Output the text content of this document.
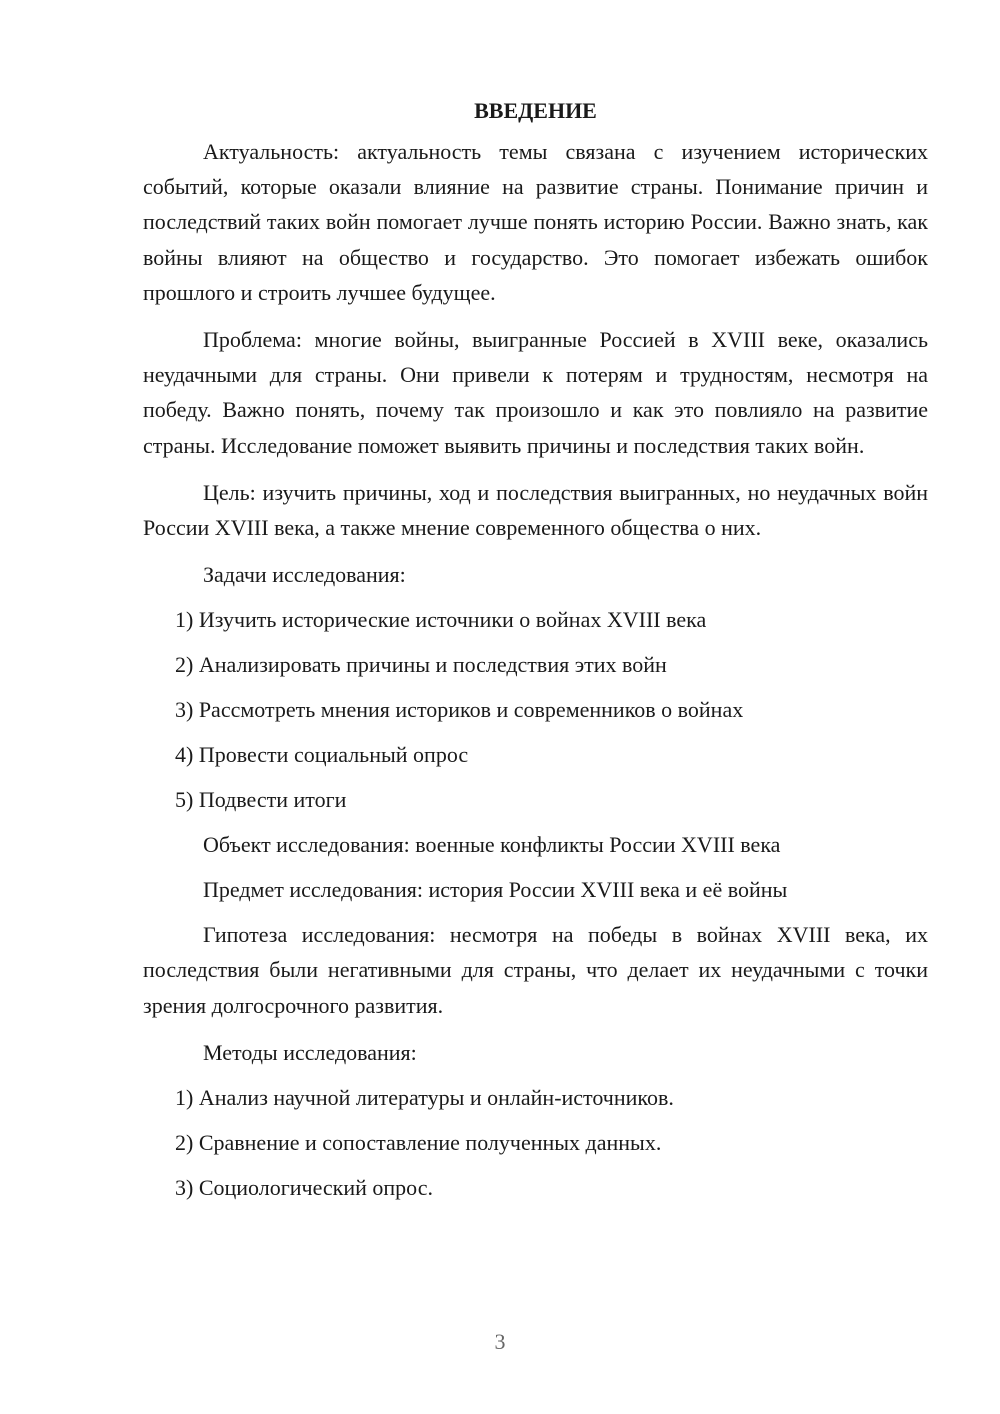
ВВЕДЕНИЕ

Актуальность: актуальность темы связана с изучением исторических событий, которые оказали влияние на развитие страны. Понимание причин и последствий таких войн помогает лучше понять историю России. Важно знать, как войны влияют на общество и государство. Это помогает избежать ошибок прошлого и строить лучшее будущее.

Проблема: многие войны, выигранные Россией в XVIII веке, оказались неудачными для страны. Они привели к потерям и трудностям, несмотря на победу. Важно понять, почему так произошло и как это повлияло на развитие страны. Исследование поможет выявить причины и последствия таких войн.

Цель: изучить причины, ход и последствия выигранных, но неудачных войн России XVIII века, а также мнение современного общества о них.

Задачи исследования:
1) Изучить исторические источники о войнах XVIII века
2) Анализировать причины и последствия этих войн
3) Рассмотреть мнения историков и современников о войнах
4) Провести социальный опрос
5) Подвести итоги
Объект исследования: военные конфликты России XVIII века
Предмет исследования: история России XVIII века и её войны

Гипотеза исследования: несмотря на победы в войнах XVIII века, их последствия были негативными для страны, что делает их неудачными с точки зрения долгосрочного развития.

Методы исследования:
1) Анализ научной литературы и онлайн-источников.
2) Сравнение и сопоставление полученных данных.
3) Социологический опрос.
3
